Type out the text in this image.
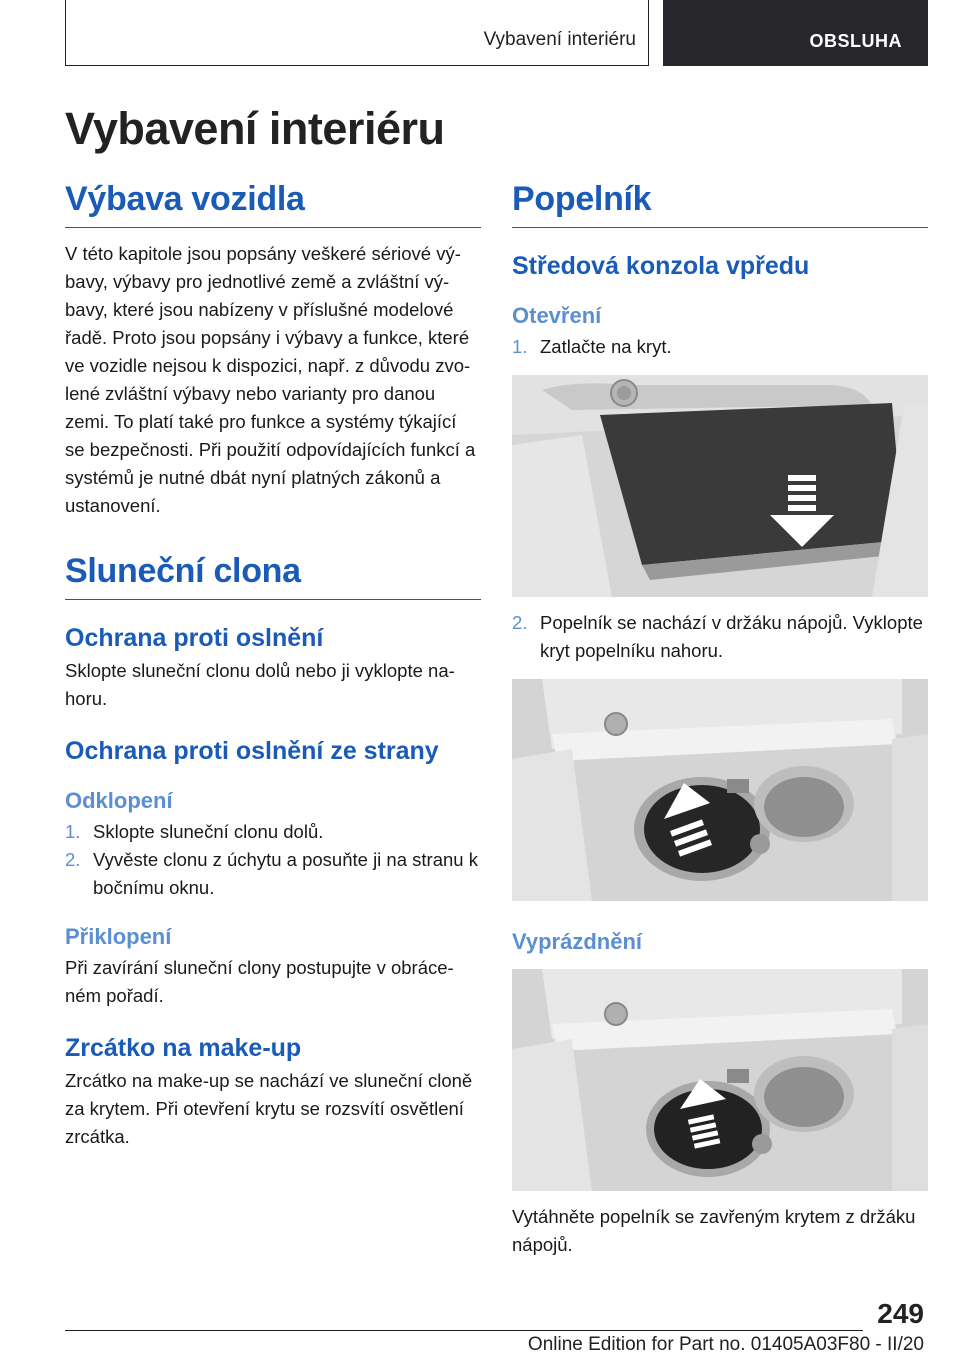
Vybavení interiéru	OBSLUHA
Vybavení interiéru
Výbava vozidla
V této kapitole jsou popsány veškeré sériové vý-bavy, výbavy pro jednotlivé země a zvláštní vý-bavy, které jsou nabízeny v příslušné modelové řadě. Proto jsou popsány i výbavy a funkce, které ve vozidle nejsou k dispozici, např. z důvodu zvo-lené zvláštní výbavy nebo varianty pro danou zemi. To platí také pro funkce a systémy týkající se bezpečnosti. Při použití odpovídajících funkcí a systémů je nutné dbát nyní platných zákonů a ustanovení.
Sluneční clona
Ochrana proti oslnění
Sklopte sluneční clonu dolů nebo ji vyklopte na-horu.
Ochrana proti oslnění ze strany
Odklopení
1. Sklopte sluneční clonu dolů.
2. Vyvěste clonu z úchytu a posuňte ji na stranu k bočnímu oknu.
Přiklopení
Při zavírání sluneční clony postupujte v obráce-ném pořadí.
Zrcátko na make-up
Zrcátko na make-up se nachází ve sluneční cloně za krytem. Při otevření krytu se rozsvítí osvětlení zrcátka.
Popelník
Středová konzola vpředu
Otevření
1. Zatlačte na kryt.
2. Popelník se nachází v držáku nápojů. Vyklopte kryt popelníku nahoru.
Vyprázdnění
Vytáhněte popelník se zavřeným krytem z držáku nápojů.
249
Online Edition for Part no. 01405A03F80 - II/20
